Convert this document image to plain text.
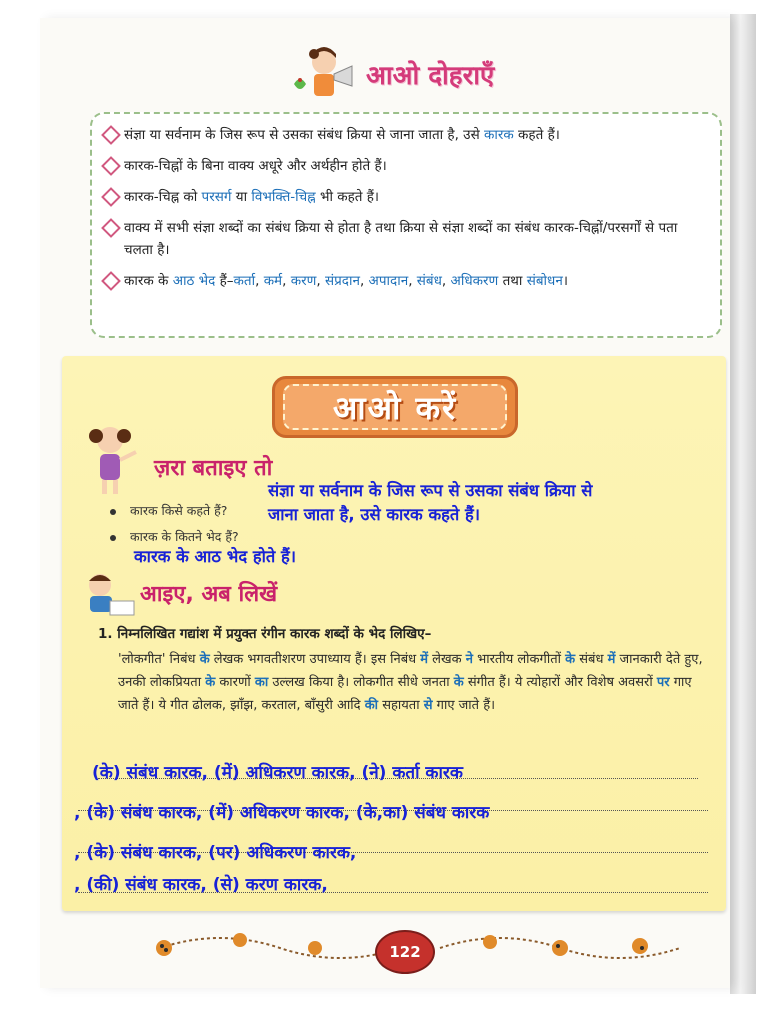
आओ दोहराएँ
संज्ञा या सर्वनाम के जिस रूप से उसका संबंध क्रिया से जाना जाता है, उसे कारक कहते हैं।
कारक-चिह्नों के बिना वाक्य अधूरे और अर्थहीन होते हैं।
कारक-चिह्न को परसर्ग या विभक्ति-चिह्न भी कहते हैं।
वाक्य में सभी संज्ञा शब्दों का संबंध क्रिया से होता है तथा क्रिया से संज्ञा शब्दों का संबंध कारक-चिह्नों/परसर्गों से पता चलता है।
कारक के आठ भेद हैं–कर्ता, कर्म, करण, संप्रदान, अपादान, संबंध, अधिकरण तथा संबोधन।
आओ करें
ज़रा बताइए तो
कारक किसे कहते हैं?
कारक के कितने भेद हैं?
संज्ञा या सर्वनाम के जिस रूप से उसका संबंध क्रिया से
जाना जाता है, उसे कारक कहते हैं।
कारक के आठ भेद होते हैं।
आइए, अब लिखें
1. निम्नलिखित गद्यांश में प्रयुक्त रंगीन कारक शब्दों के भेद लिखिए–
'लोकगीत' निबंध के लेखक भगवतीशरण उपाध्याय हैं। इस निबंध में लेखक ने भारतीय लोकगीतों के संबंध में जानकारी देते हुए, उनकी लोकप्रियता के कारणों का उल्लख किया है। लोकगीत सीधे जनता के संगीत हैं। ये त्योहारों और विशेष अवसरों पर गाए जाते हैं। ये गीत ढोलक, झाँझ, करताल, बाँसुरी आदि की सहायता से गाए जाते हैं।
(के) संबंध कारक, (में) अधिकरण कारक, (ने) कर्ता कारक
, (के) संबंध कारक, (में) अधिकरण कारक, (के,का) संबंध कारक
, (के) संबंध कारक, (पर) अधिकरण कारक,
, (की) संबंध कारक, (से) करण कारक,
122
